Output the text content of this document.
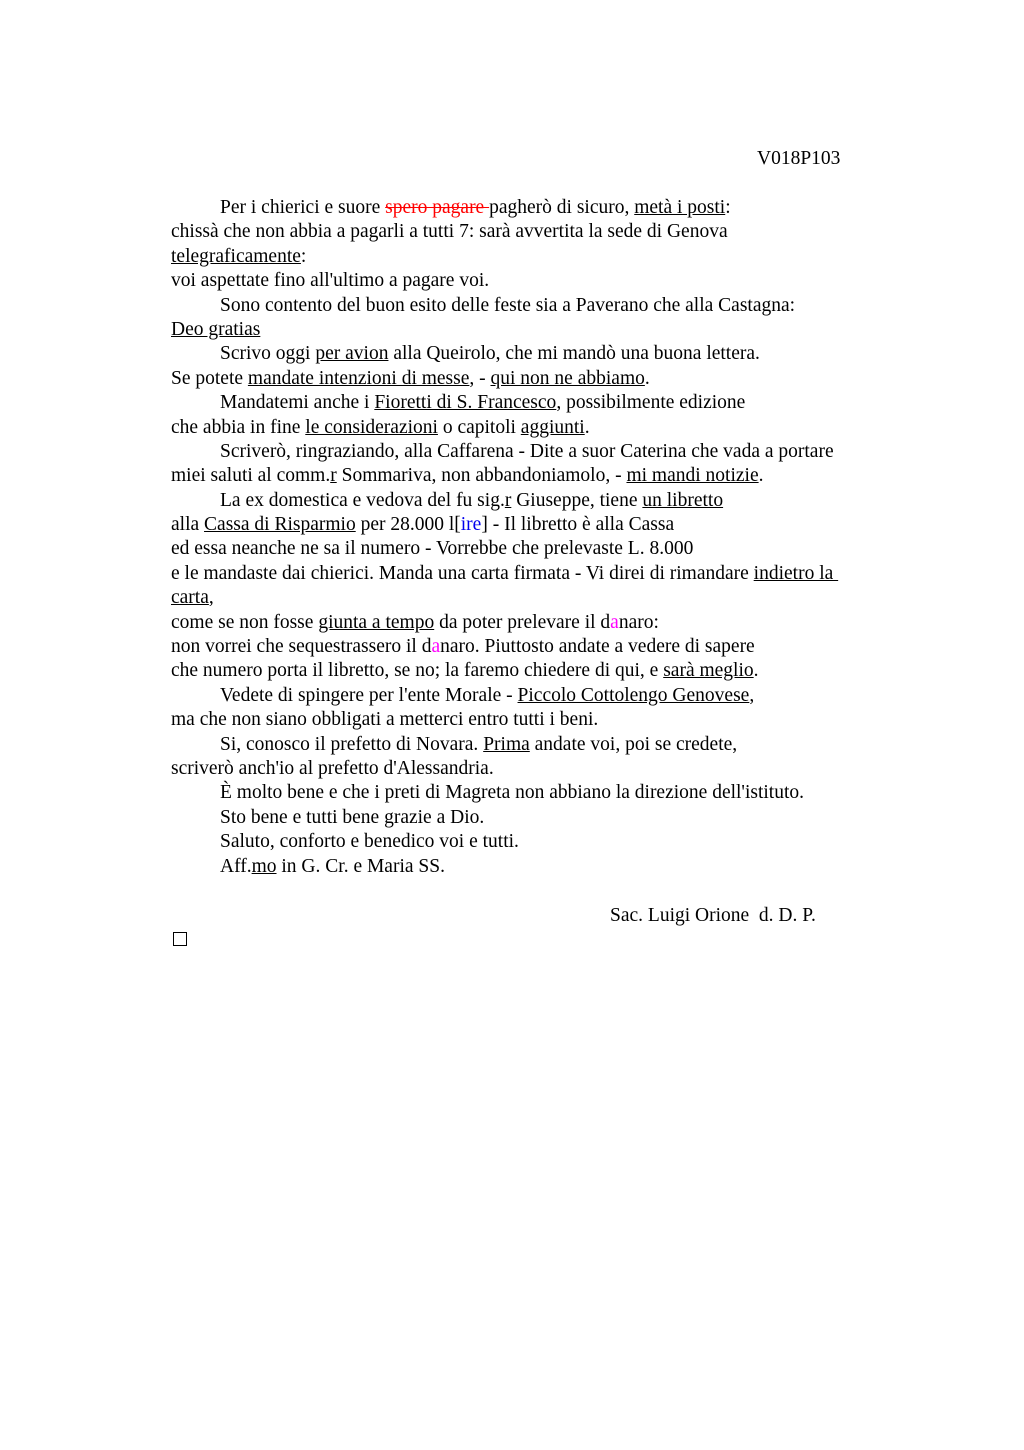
V018P103
Per i chierici e suore spero pagare pagherò di sicuro, metà i posti:
chissà che non abbia a pagarli a tutti 7: sarà avvertita la sede di Genova
telegraficamente:
voi aspettate fino all'ultimo a pagare voi.
Sono contento del buon esito delle feste sia a Paverano che alla Castagna:
Deo gratias
Scrivo oggi per avion alla Queirolo, che mi mandò una buona lettera.
Se potete mandate intenzioni di messe, - qui non ne abbiamo.
Mandatemi anche i Fioretti di S. Francesco, possibilmente edizione
che abbia in fine le considerazioni o capitoli aggiunti.
Scriverò, ringraziando, alla Caffarena - Dite a suor Caterina che vada a portare
miei saluti al comm.r Sommariva, non abbandoniamolo, - mi mandi notizie.
La ex domestica e vedova del fu sig.r Giuseppe, tiene un libretto
alla Cassa di Risparmio per 28.000 l[ire] - Il libretto è alla Cassa
ed essa neanche ne sa il numero - Vorrebbe che prelevaste L. 8.000
e le mandaste dai chierici. Manda una carta firmata - Vi direi di rimandare indietro la
carta,
come se non fosse giunta a tempo da poter prelevare il danaro:
non vorrei che sequestrassero il danaro. Piuttosto andate a vedere di sapere
che numero porta il libretto, se no; la faremo chiedere di qui, e sarà meglio.
Vedete di spingere per l'ente Morale - Piccolo Cottolengo Genovese,
ma che non siano obbligati a metterci entro tutti i beni.
Si, conosco il prefetto di Novara. Prima andate voi, poi se credete,
scriverò anch'io al prefetto d'Alessandria.
È molto bene e che i preti di Magreta non abbiano la direzione dell'istituto.
Sto bene e tutti bene grazie a Dio.
Saluto, conforto e benedico voi e tutti.
Aff.mo in G. Cr. e Maria SS.
Sac. Luigi Orione  d. D. P.
